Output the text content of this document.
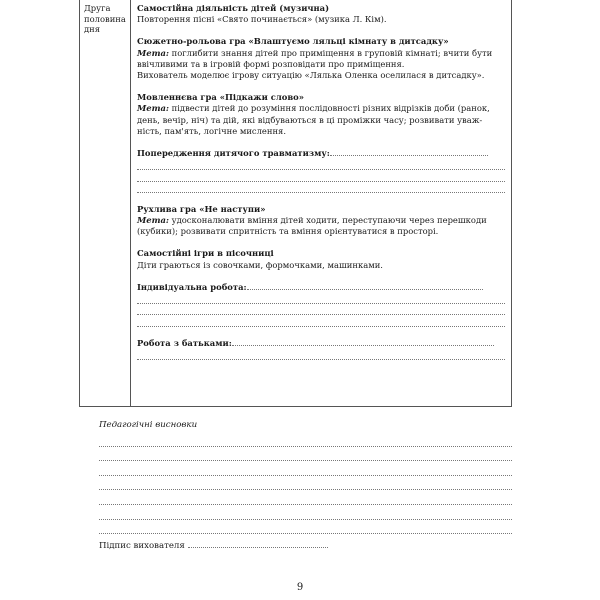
Друга
половина
дня
Самостійна діяльність дітей (музична)
Повторення пісні «Свято починається» (музика Л. Кім).
Сюжетно-рольова гра «Влаштуємо ляльці кімнату в дитсадку»
Мета: поглибити знання дітей про приміщення в груповій кімнаті; вчити бути
ввічливими та в ігровій формі розповідати про приміщення.
Вихователь моделює ігрову ситуацію «Лялька Оленка оселилася в дитсадку».
Мовленнєва гра «Підкажи слово»
Мета: підвести дітей до розуміння послідовності різних відрізків доби (ранок,
день, вечір, ніч) та дій, які відбуваються в ці проміжки часу; розвивати уваж-
ність, пам'ять, логічне мислення.
Попередження дитячого травматизму:
Рухлива гра «Не наступи»
Мета: удосконалювати вміння дітей ходити, переступаючи через перешкоди
(кубики); розвивати спритність та вміння орієнтуватися в просторі.
Самостійні ігри в пісочниці
Діти граються із совочками, формочками, машинками.
Індивідуальна робота:
Робота з батьками:
Педагогічні висновки
Підпис вихователя
9
